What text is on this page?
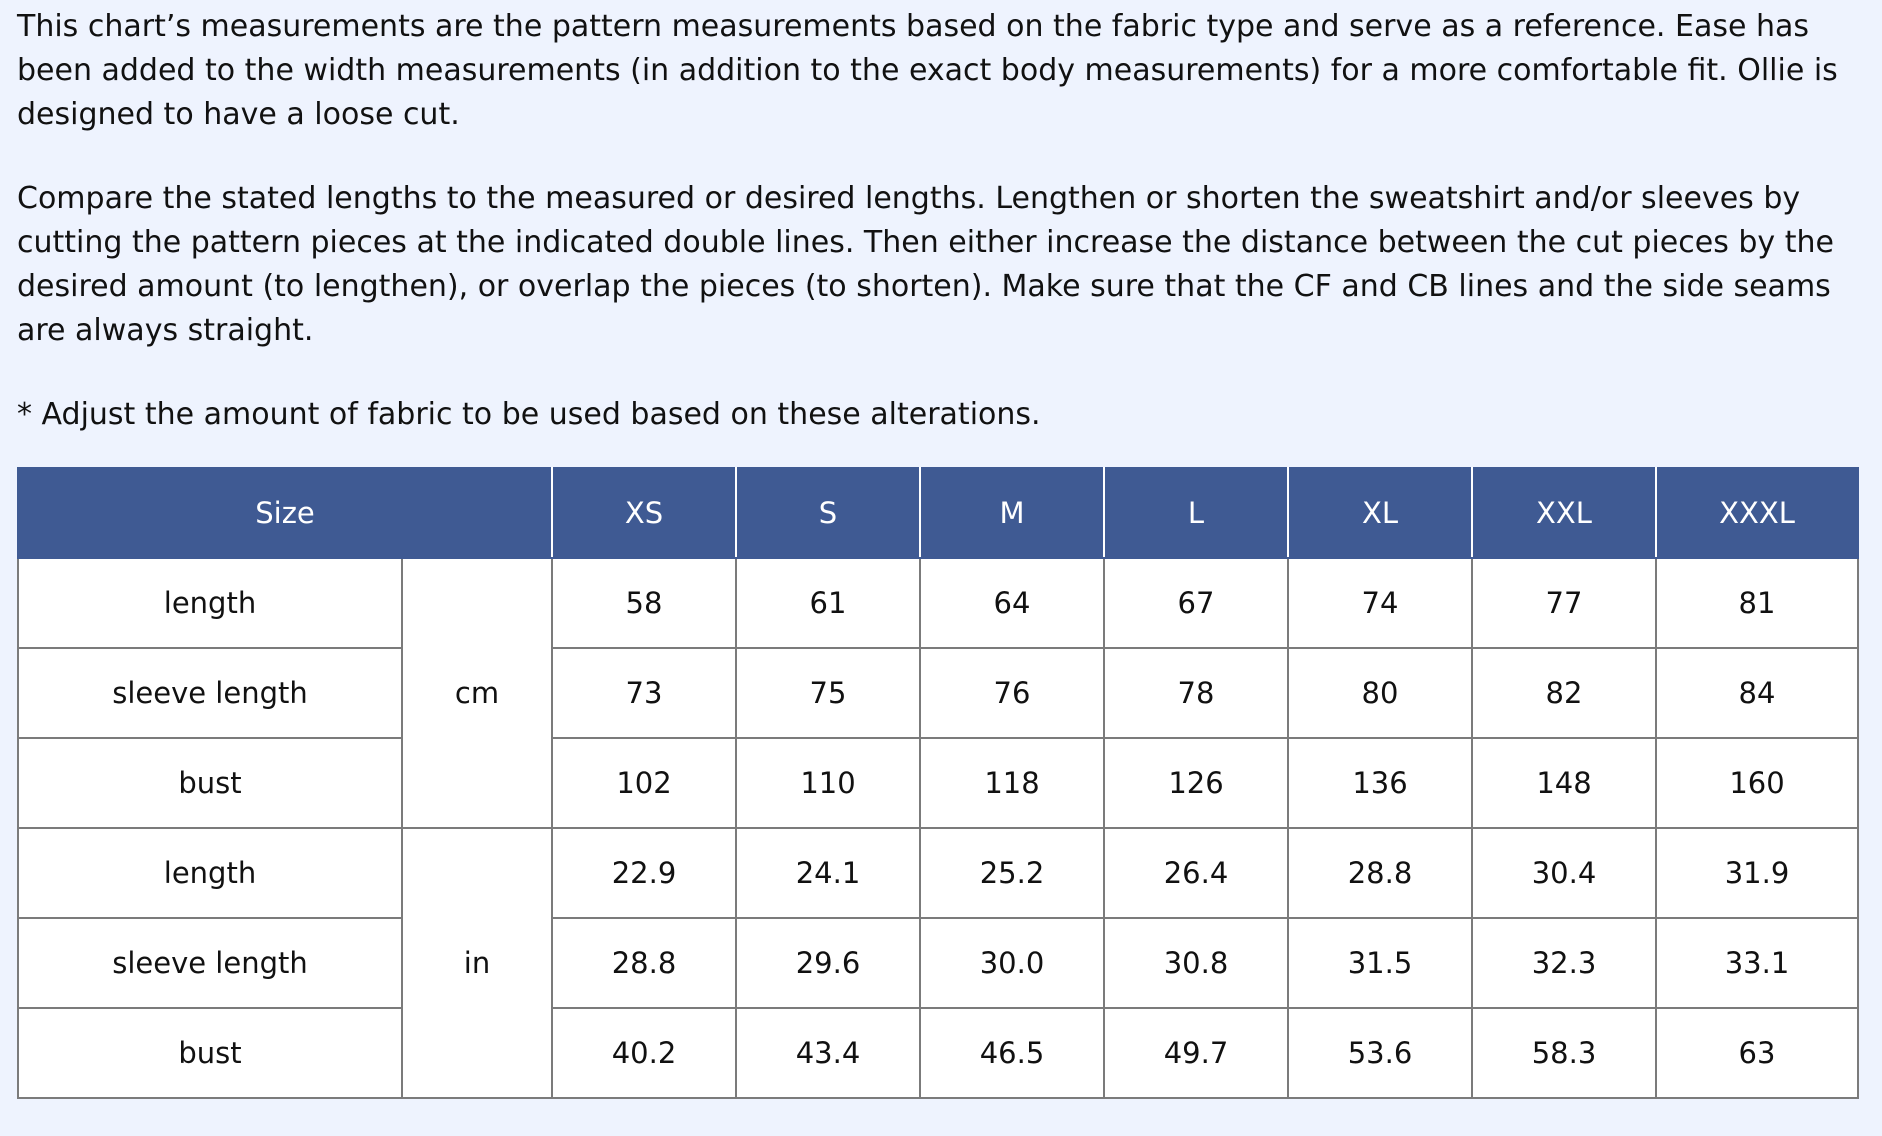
This chart’s measurements are the pattern measurements based on the fabric type and serve as a reference. Ease has been added to the width measurements (in addition to the exact body measurements) for a more comfortable fit. Ollie is designed to have a loose cut.

Compare the stated lengths to the measured or desired lengths. Lengthen or shorten the sweatshirt and/or sleeves by cutting the pattern pieces at the indicated double lines. Then either increase the distance between the cut pieces by the desired amount (to lengthen), or overlap the pieces (to shorten). Make sure that the CF and CB lines and the side seams are always straight.

* Adjust the amount of fabric to be used based on these alterations.

Size		XS	S	M	L	XL	XXL	XXXL
length	cm	58	61	64	67	74	77	81
sleeve length		73	75	76	78	80	82	84
bust		102	110	118	126	136	148	160
length	in	22.9	24.1	25.2	26.4	28.8	30.4	31.9
sleeve length		28.8	29.6	30.0	30.8	31.5	32.3	33.1
bust		40.2	43.4	46.5	49.7	53.6	58.3	63
